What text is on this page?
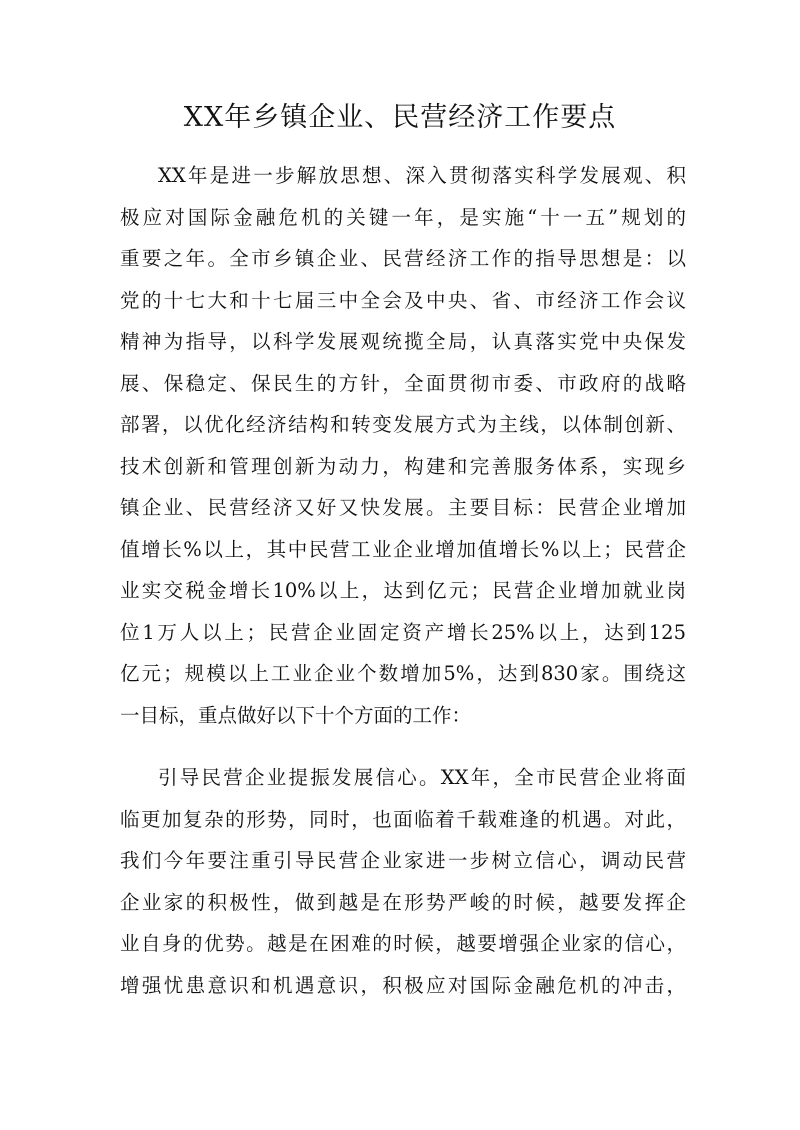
XX年乡镇企业、民营经济工作要点
XX年是进一步解放思想、深入贯彻落实科学发展观、积
极应对国际金融危机的关键一年，是实施“十一五”规划的
重要之年。全市乡镇企业、民营经济工作的指导思想是：以
党的十七大和十七届三中全会及中央、省、市经济工作会议
精神为指导，以科学发展观统揽全局，认真落实党中央保发
展、保稳定、保民生的方针，全面贯彻市委、市政府的战略
部署，以优化经济结构和转变发展方式为主线，以体制创新、
技术创新和管理创新为动力，构建和完善服务体系，实现乡
镇企业、民营经济又好又快发展。主要目标：民营企业增加
值增长%以上，其中民营工业企业增加值增长%以上；民营企
业实交税金增长10%以上，达到亿元；民营企业增加就业岗
位1万人以上；民营企业固定资产增长25%以上，达到125
亿元；规模以上工业企业个数增加5%，达到830家。围绕这
一目标，重点做好以下十个方面的工作：
引导民营企业提振发展信心。XX年，全市民营企业将面
临更加复杂的形势，同时，也面临着千载难逢的机遇。对此，
我们今年要注重引导民营企业家进一步树立信心，调动民营
企业家的积极性，做到越是在形势严峻的时候，越要发挥企
业自身的优势。越是在困难的时候，越要增强企业家的信心，
增强忧患意识和机遇意识，积极应对国际金融危机的冲击，
